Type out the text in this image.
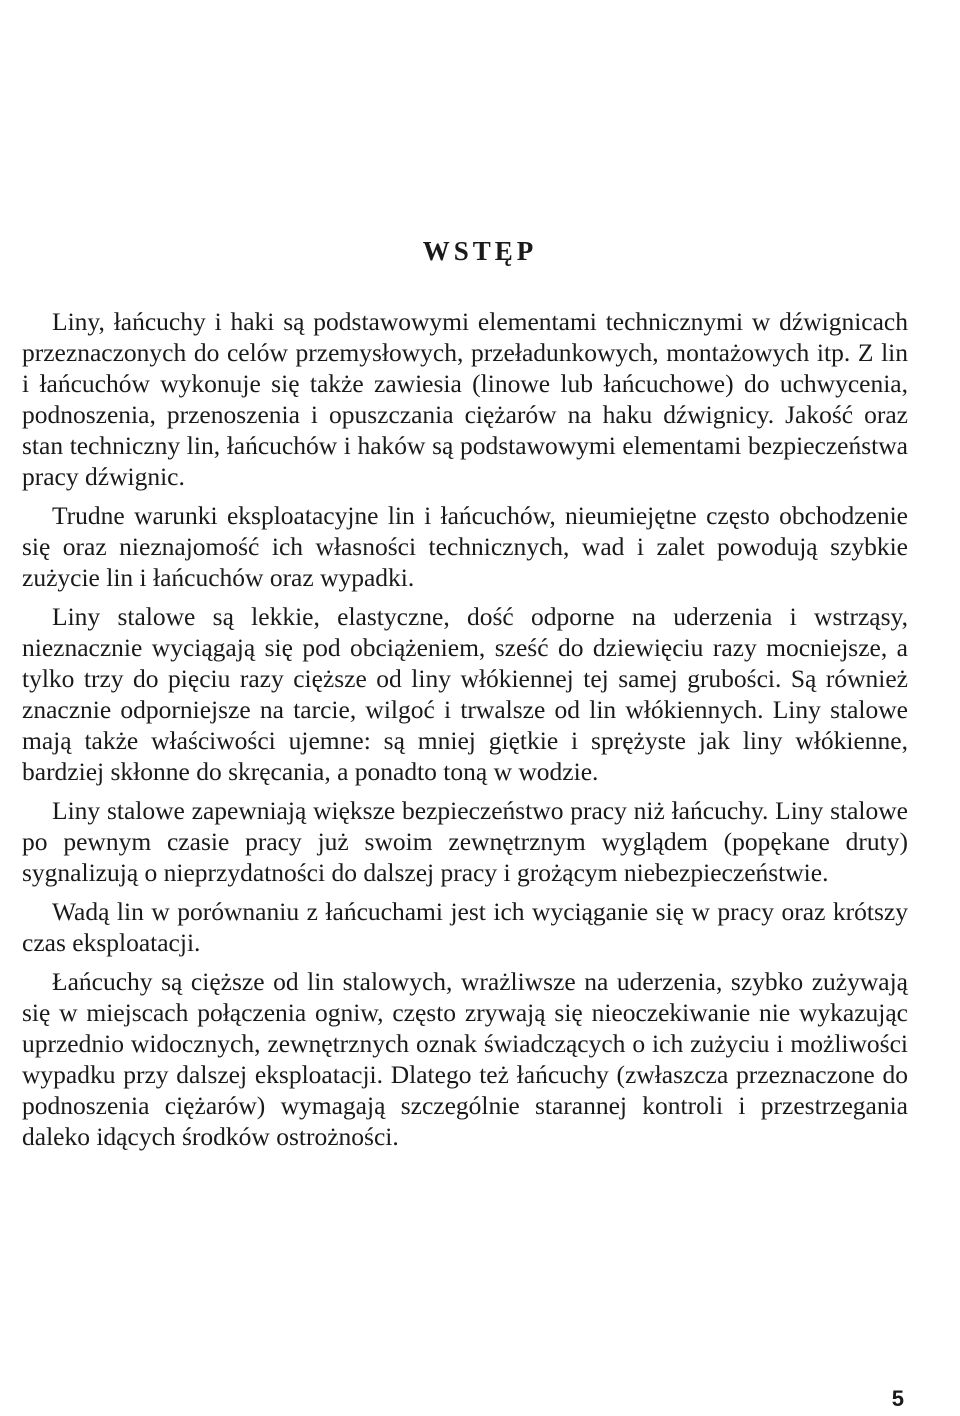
WSTĘP

Liny, łańcuchy i haki są podstawowymi elementami technicznymi w dźwignicach przeznaczonych do celów przemysłowych, przeładunkowych, montażowych itp. Z lin i łańcuchów wykonuje się także zawiesia (linowe lub łańcuchowe) do uchwycenia, podnoszenia, przenoszenia i opuszczania ciężarów na haku dźwignicy. Jakość oraz stan techniczny lin, łańcuchów i haków są podstawowymi elementami bezpieczeństwa pracy dźwignic.

Trudne warunki eksploatacyjne lin i łańcuchów, nieumiejętne często obchodzenie się oraz nieznajomość ich własności technicznych, wad i zalet powodują szybkie zużycie lin i łańcuchów oraz wypadki.

Liny stalowe są lekkie, elastyczne, dość odporne na uderzenia i wstrząsy, nieznacznie wyciągają się pod obciążeniem, sześć do dziewięciu razy mocniejsze, a tylko trzy do pięciu razy cięższe od liny włókiennej tej samej grubości. Są również znacznie odporniejsze na tarcie, wilgoć i trwalsze od lin włókiennych. Liny stalowe mają także właściwości ujemne: są mniej giętkie i sprężyste jak liny włókienne, bardziej skłonne do skręcania, a ponadto toną w wodzie.

Liny stalowe zapewniają większe bezpieczeństwo pracy niż łańcuchy. Liny stalowe po pewnym czasie pracy już swoim zewnętrznym wyglądem (popękane druty) sygnalizują o nieprzydatności do dalszej pracy i grożącym niebezpieczeństwie.

Wadą lin w porównaniu z łańcuchami jest ich wyciąganie się w pracy oraz krótszy czas eksploatacji.

Łańcuchy są cięższe od lin stalowych, wrażliwsze na uderzenia, szybko zużywają się w miejscach połączenia ogniw, często zrywają się nieoczekiwanie nie wykazując uprzednio widocznych, zewnętrznych oznak świadczących o ich zużyciu i możliwości wypadku przy dalszej eksploatacji. Dlatego też łańcuchy (zwłaszcza przeznaczone do podnoszenia ciężarów) wymagają szczególnie starannej kontroli i przestrzegania daleko idących środków ostrożności.

5
